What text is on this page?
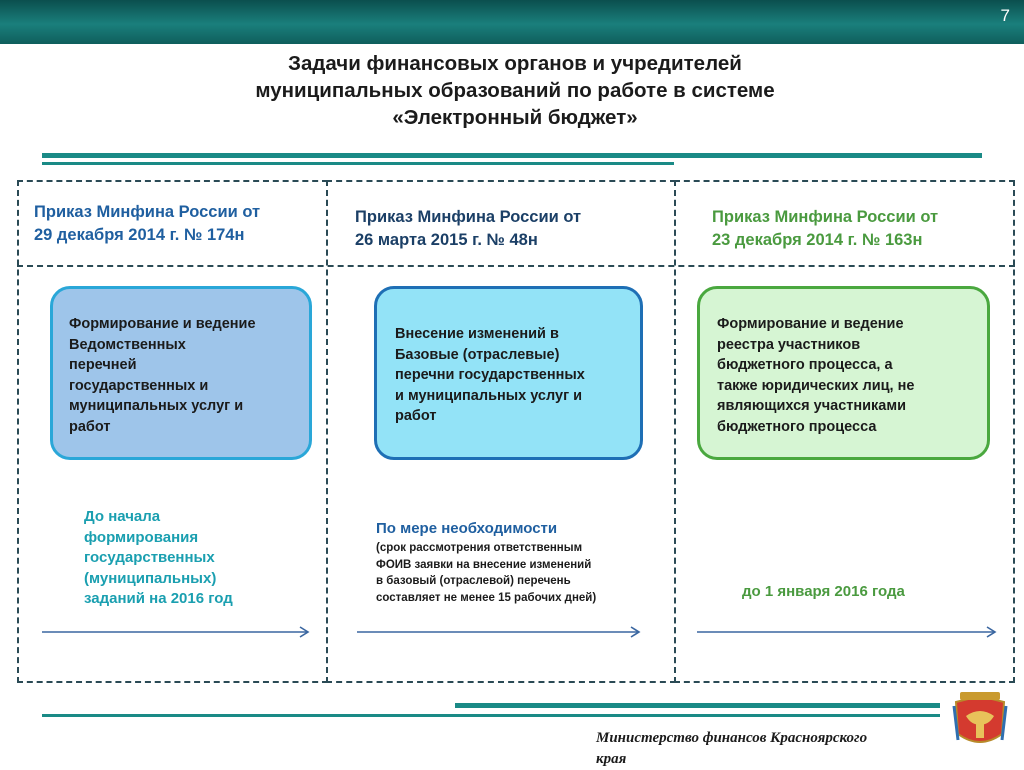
7
Задачи финансовых органов и учредителей
муниципальных образований по работе в системе
«Электронный бюджет»
Приказ Минфина России от
29 декабря 2014 г. № 174н
Формирование и ведение
Ведомственных
перечней
государственных и
муниципальных услуг и
работ
До начала
формирования
государственных
(муниципальных)
заданий на 2016 год
Приказ Минфина России от
26 марта 2015 г. № 48н
Внесение изменений в
Базовые (отраслевые)
перечни государственных
и муниципальных услуг и
работ
По мере необходимости
(срок рассмотрения ответственным
ФОИВ заявки на внесение изменений
в базовый (отраслевой) перечень
составляет не менее 15 рабочих дней)
Приказ Минфина России от
23 декабря 2014 г. № 163н
Формирование и ведение
реестра участников
бюджетного процесса, а
также юридических лиц, не
являющихся участниками
бюджетного процесса
до 1 января 2016 года
Министерство финансов Красноярского
края
